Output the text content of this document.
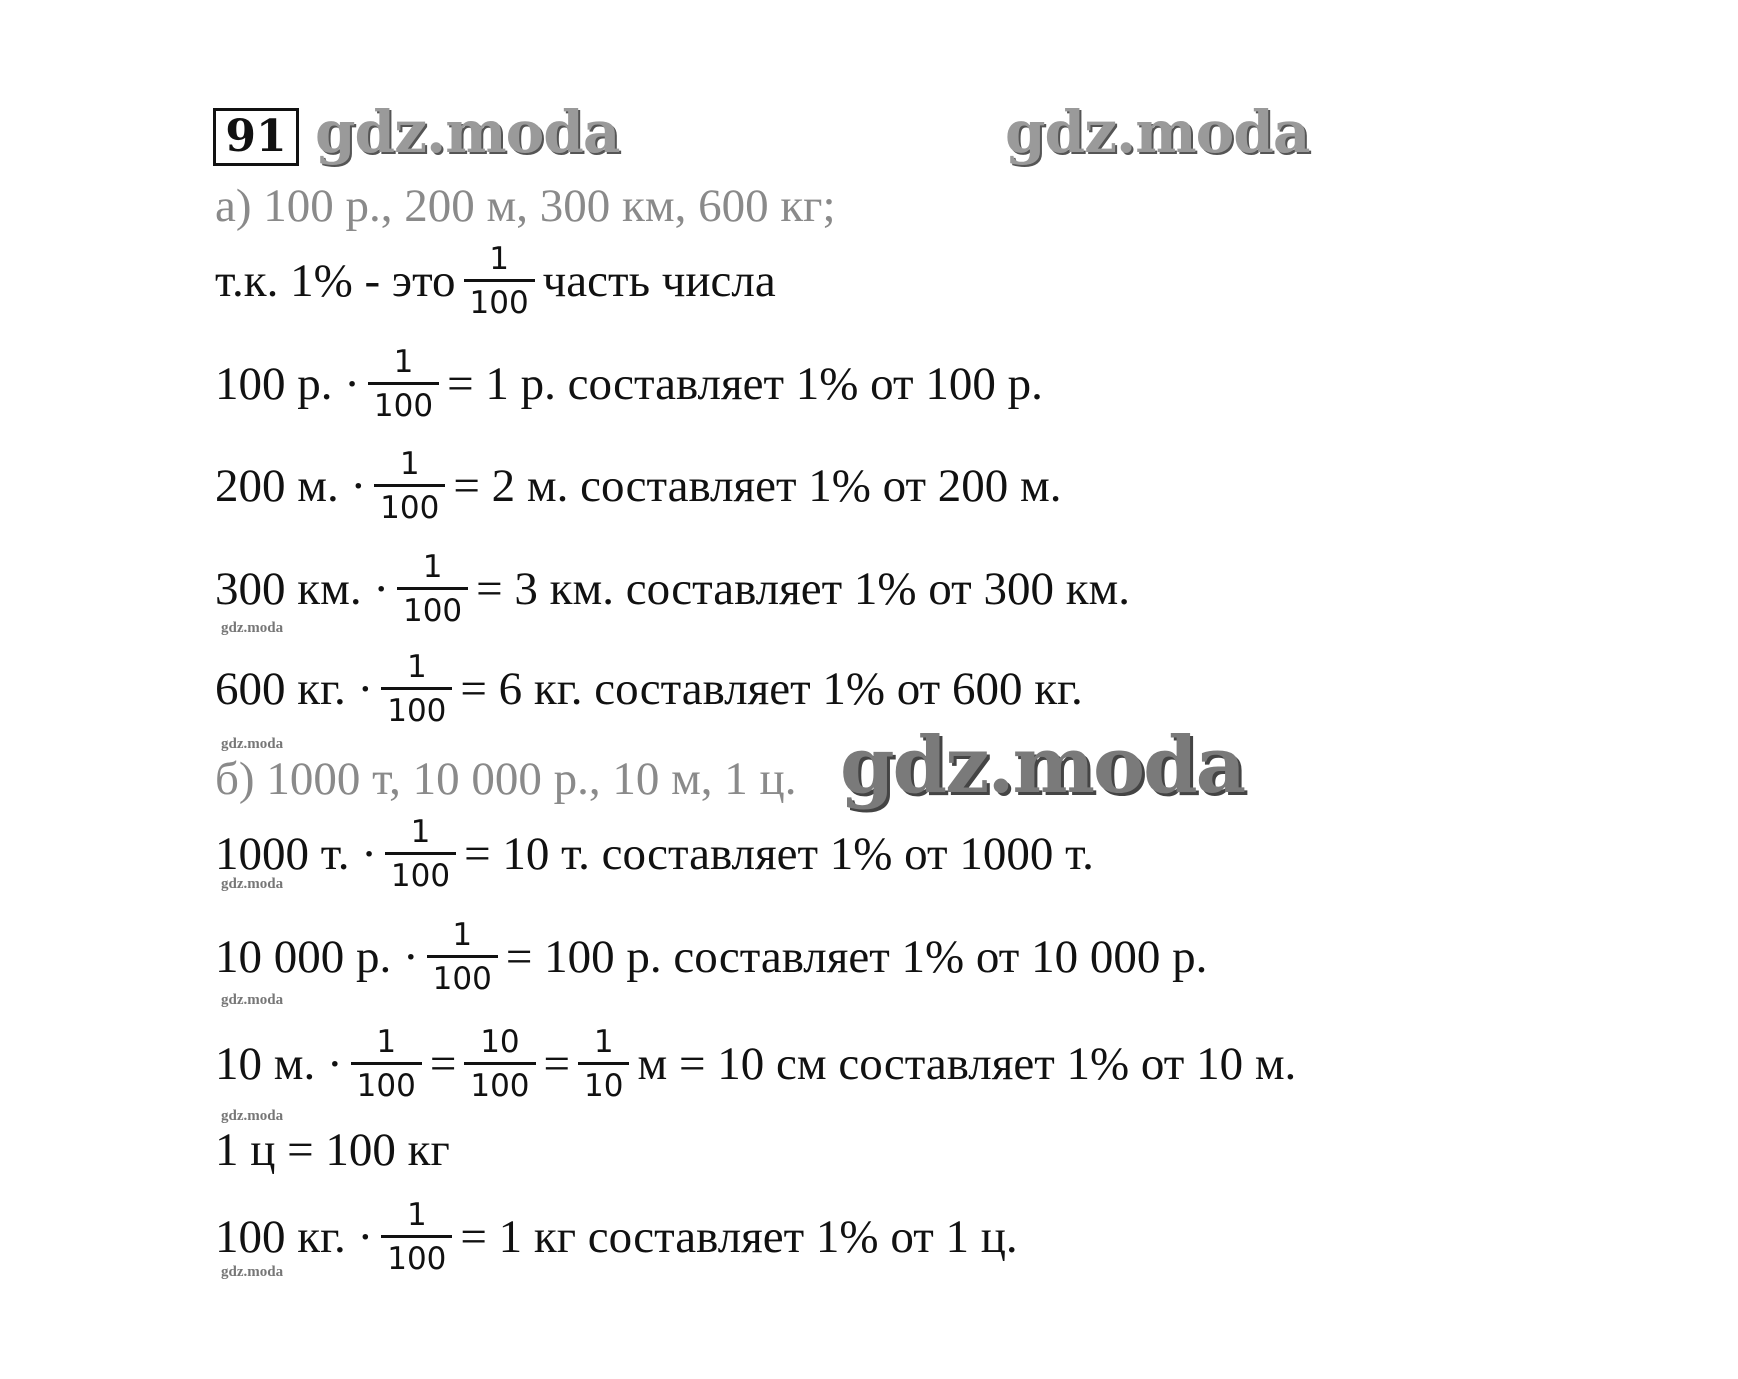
91 gdz.moda	gdz.moda
а) 100 р., 200 м, 300 км, 600 кг;
т.к. 1% - это $\frac{1}{100}$ часть числа
100 р. · $\frac{1}{100} = 1$ р. составляет 1% от 100 р.
200 м. · $\frac{1}{100} = 2$ м. составляет 1% от 200 м.
300 км. · $\frac{1}{100} = 3$ км. составляет 1% от 300 км.
gdz.moda
600 кг. · $\frac{1}{100} = 6$ кг. составляет 1% от 600 кг.
gdz.moda
б) 1000 т, 10 000 р., 10 м, 1 ц. gdz.moda
1000 т. · $\frac{1}{100} = 10$ т. составляет 1% от 1000 т.
gdz.moda
10 000 р. · $\frac{1}{100} = 100$ р. составляет 1% от 10 000 р.
gdz.moda
10 м. · $\frac{1}{100} = \frac{10}{100} = \frac{1}{10}$ м = 10 см составляет 1% от 10 м.
gdz.moda
1 ц = 100 кг
100 кг. · $\frac{1}{100} = 1$ кг составляет 1% от 1 ц.
gdz.moda
